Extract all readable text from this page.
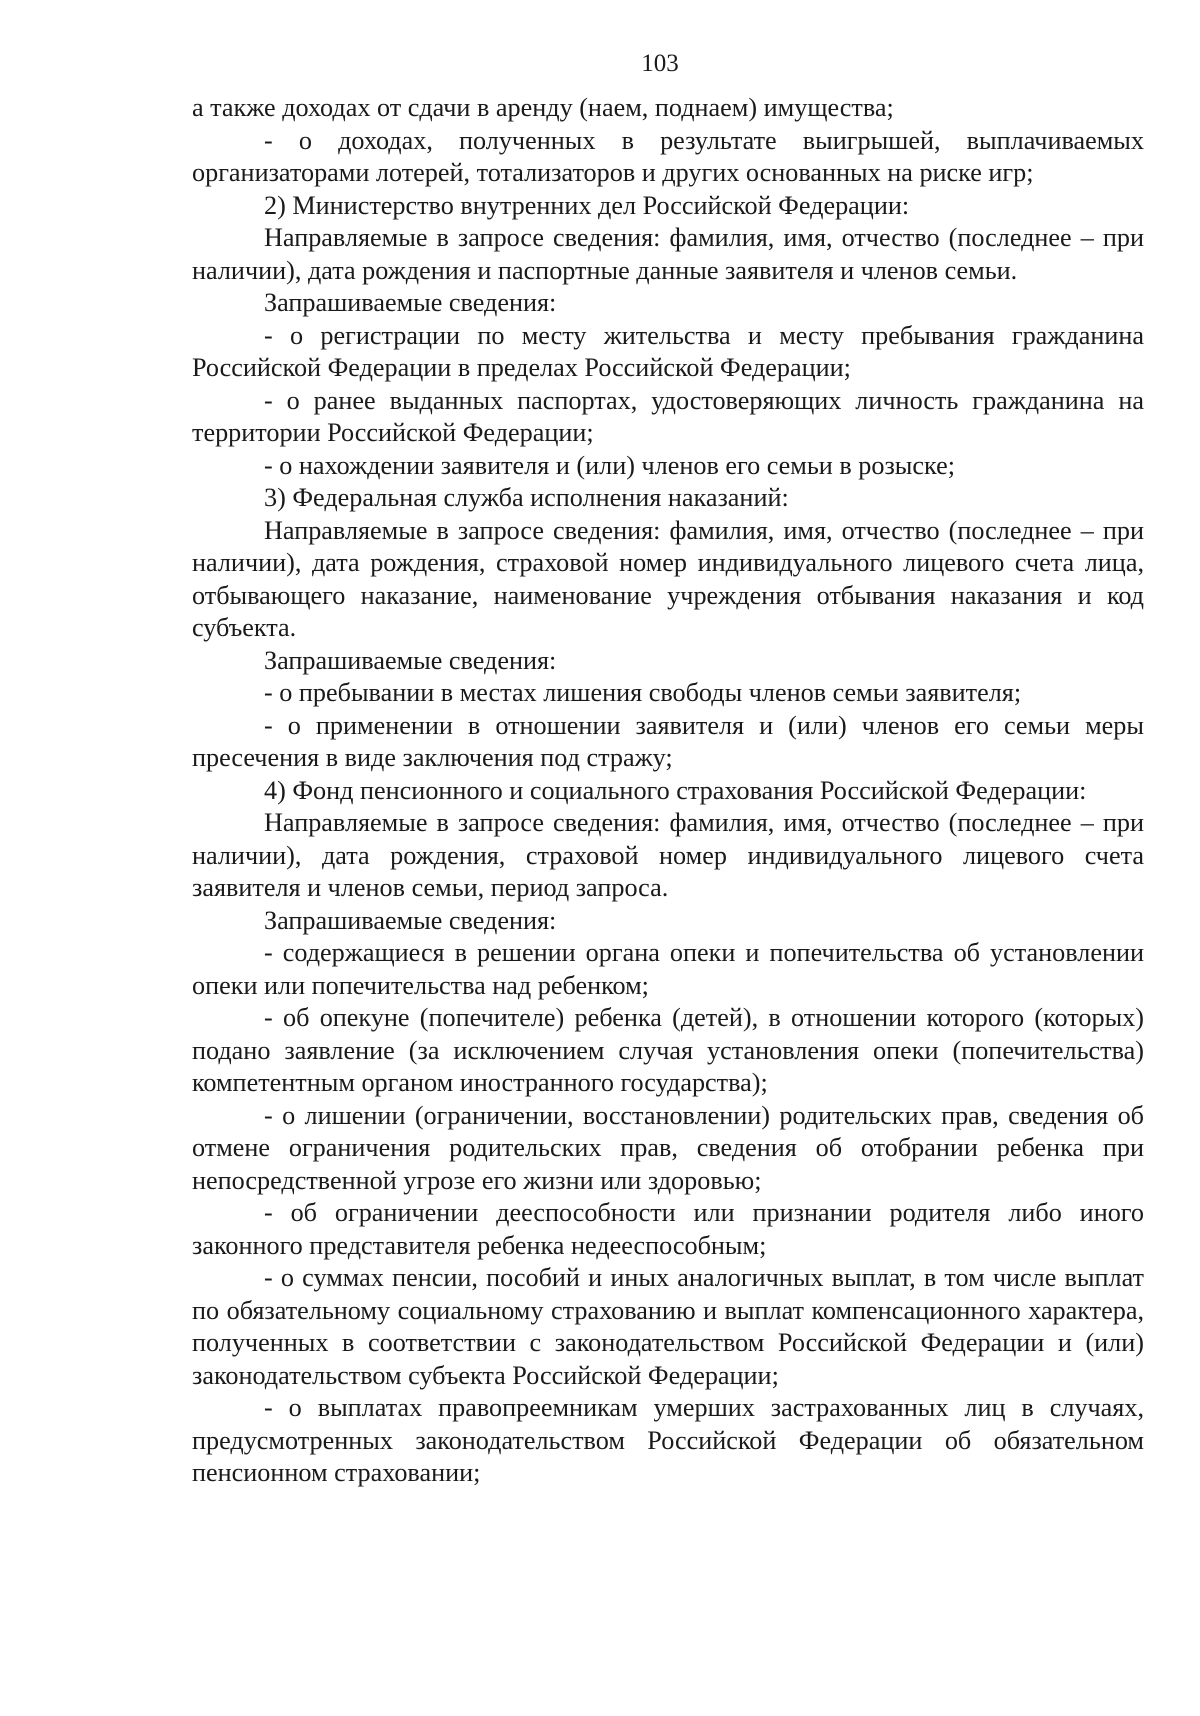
103

а также доходах от сдачи в аренду (наем, поднаем) имущества;

- о доходах, полученных в результате выигрышей, выплачиваемых организаторами лотерей, тотализаторов и других основанных на риске игр;

2) Министерство внутренних дел Российской Федерации:

Направляемые в запросе сведения: фамилия, имя, отчество (последнее – при наличии), дата рождения и паспортные данные заявителя и членов семьи.

Запрашиваемые сведения:

- о регистрации по месту жительства и месту пребывания гражданина Российской Федерации в пределах Российской Федерации;

- о ранее выданных паспортах, удостоверяющих личность гражданина на территории Российской Федерации;

- о нахождении заявителя и (или) членов его семьи в розыске;

3) Федеральная служба исполнения наказаний:

Направляемые в запросе сведения: фамилия, имя, отчество (последнее – при наличии), дата рождения, страховой номер индивидуального лицевого счета лица, отбывающего наказание, наименование учреждения отбывания наказания и код субъекта.

Запрашиваемые сведения:

- о пребывании в местах лишения свободы членов семьи заявителя;

- о применении в отношении заявителя и (или) членов его семьи меры пресечения в виде заключения под стражу;

4) Фонд пенсионного и социального страхования Российской Федерации:

Направляемые в запросе сведения: фамилия, имя, отчество (последнее – при наличии), дата рождения, страховой номер индивидуального лицевого счета заявителя и членов семьи, период запроса.

Запрашиваемые сведения:

- содержащиеся в решении органа опеки и попечительства об установлении опеки или попечительства над ребенком;

- об опекуне (попечителе) ребенка (детей), в отношении которого (которых) подано заявление (за исключением случая установления опеки (попечительства) компетентным органом иностранного государства);

- о лишении (ограничении, восстановлении) родительских прав, сведения об отмене ограничения родительских прав, сведения об отобрании ребенка при непосредственной угрозе его жизни или здоровью;

- об ограничении дееспособности или признании родителя либо иного законного представителя ребенка недееспособным;

- о суммах пенсии, пособий и иных аналогичных выплат, в том числе выплат по обязательному социальному страхованию и выплат компенсационного характера, полученных в соответствии с законодательством Российской Федерации и (или) законодательством субъекта Российской Федерации;

- о выплатах правопреемникам умерших застрахованных лиц в случаях, предусмотренных законодательством Российской Федерации об обязательном пенсионном страховании;
